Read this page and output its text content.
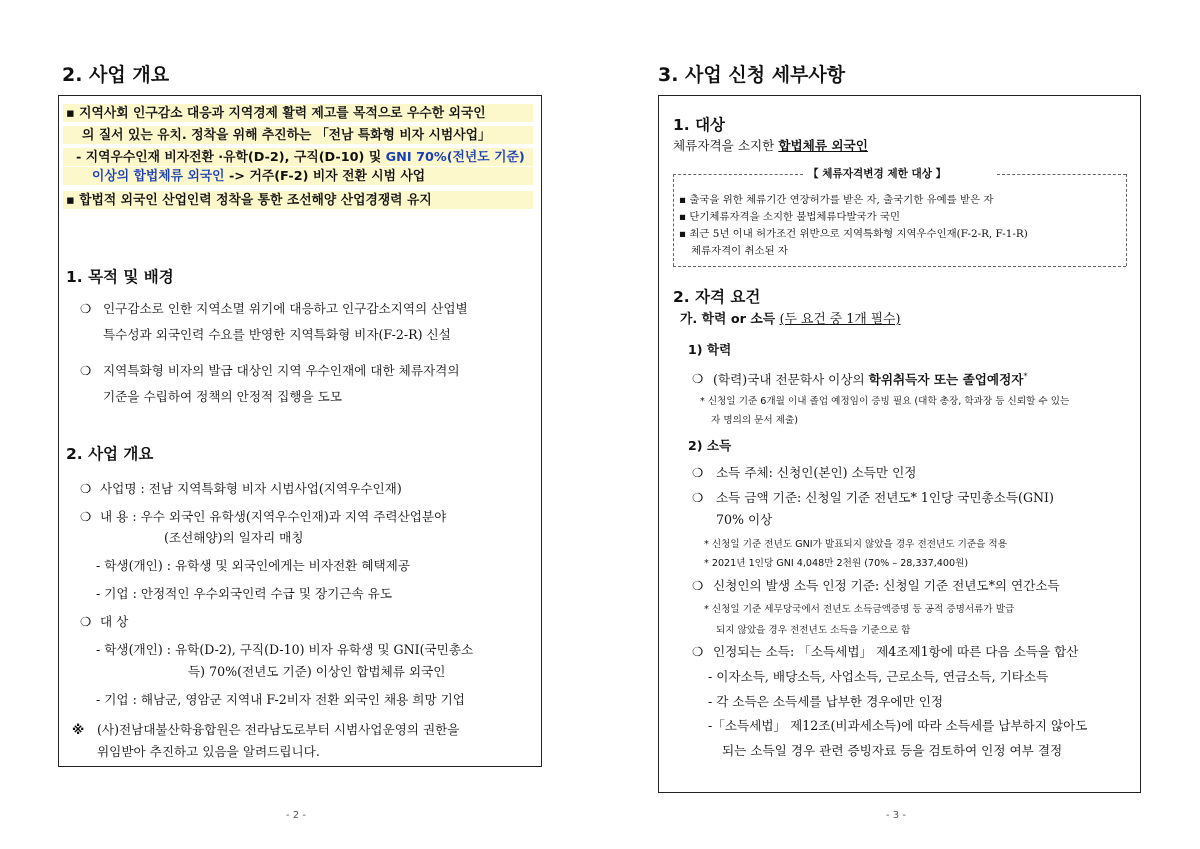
2. 사업 개요
▪ 지역사회 인구감소 대응과 지역경제 활력 제고를 목적으로 우수한 외국인
의 질서 있는 유치. 정착을 위해 추진하는 「전남 특화형 비자 시범사업」
- 지역우수인재 비자전환 ·유학(D-2), 구직(D-10) 및 GNI 70%(전년도 기준)
이상의 합법체류 외국인 -> 거주(F-2) 비자 전환 시범 사업
▪ 합법적 외국인 산업인력 정착을 통한 조선해양 산업경쟁력 유지
1. 목적 및 배경
❍ 인구감소로 인한 지역소멸 위기에 대응하고 인구감소지역의 산업별
특수성과 외국인력 수요를 반영한 지역특화형 비자(F-2-R) 신설
❍ 지역특화형 비자의 발급 대상인 지역 우수인재에 대한 체류자격의
기준을 수립하여 정책의 안정적 집행을 도모
2. 사업 개요
❍ 사업명 : 전남 지역특화형 비자 시범사업(지역우수인재)
❍ 내 용 : 우수 외국인 유학생(지역우수인재)과 지역 주력산업분야
(조선해양)의 일자리 매칭
- 학생(개인) : 유학생 및 외국인에게는 비자전환 혜택제공
- 기업 : 안정적인 우수외국인력 수급 및 장기근속 유도
❍ 대 상
- 학생(개인) : 유학(D-2), 구직(D-10) 비자 유학생 및 GNI(국민총소
득) 70%(전년도 기준) 이상인 합법체류 외국인
- 기업 : 해남군, 영암군 지역내 F-2비자 전환 외국인 채용 희망 기업
※ (사)전남대불산학융합원은 전라남도로부터 시범사업운영의 권한을
위임받아 추진하고 있음을 알려드립니다.
- 2 -
3. 사업 신청 세부사항
1. 대상
체류자격을 소지한 합법체류 외국인
【 체류자격변경 제한 대상 】
▪ 출국을 위한 체류기간 연장허가를 받은 자, 출국기한 유예를 받은 자
▪ 단기체류자격을 소지한 불법체류다발국가 국민
▪ 최근 5년 이내 허가조건 위반으로 지역특화형 지역우수인재(F-2-R, F-1-R)
체류자격이 취소된 자
2. 자격 요건
가. 학력 or 소득 (두 요건 중 1개 필수)
1) 학력
❍ (학력)국내 전문학사 이상의 학위취득자 또는 졸업예정자*
* 신청일 기준 6개월 이내 졸업 예정임이 증빙 필요 (대학 총장, 학과장 등 신뢰할 수 있는
자 명의의 문서 제출)
2) 소득
❍ 소득 주체: 신청인(본인) 소득만 인정
❍ 소득 금액 기준: 신청일 기준 전년도* 1인당 국민총소득(GNI)
70% 이상
* 신청일 기준 전년도 GNI가 발표되지 않았을 경우 전전년도 기준을 적용
* 2021년 1인당 GNI 4,048만 2천원 (70% – 28,337,400원)
❍ 신청인의 발생 소득 인정 기준: 신청일 기준 전년도*의 연간소득
* 신청일 기준 세무당국에서 전년도 소득금액증명 등 공적 증명서류가 발급
되지 않았을 경우 전전년도 소득을 기준으로 함
❍ 인정되는 소득: 「소득세법」 제4조제1항에 따른 다음 소득을 합산
- 이자소득, 배당소득, 사업소득, 근로소득, 연금소득, 기타소득
- 각 소득은 소득세를 납부한 경우에만 인정
-「소득세법」 제12조(비과세소득)에 따라 소득세를 납부하지 않아도
되는 소득일 경우 관련 증빙자료 등을 검토하여 인정 여부 결정
- 3 -
